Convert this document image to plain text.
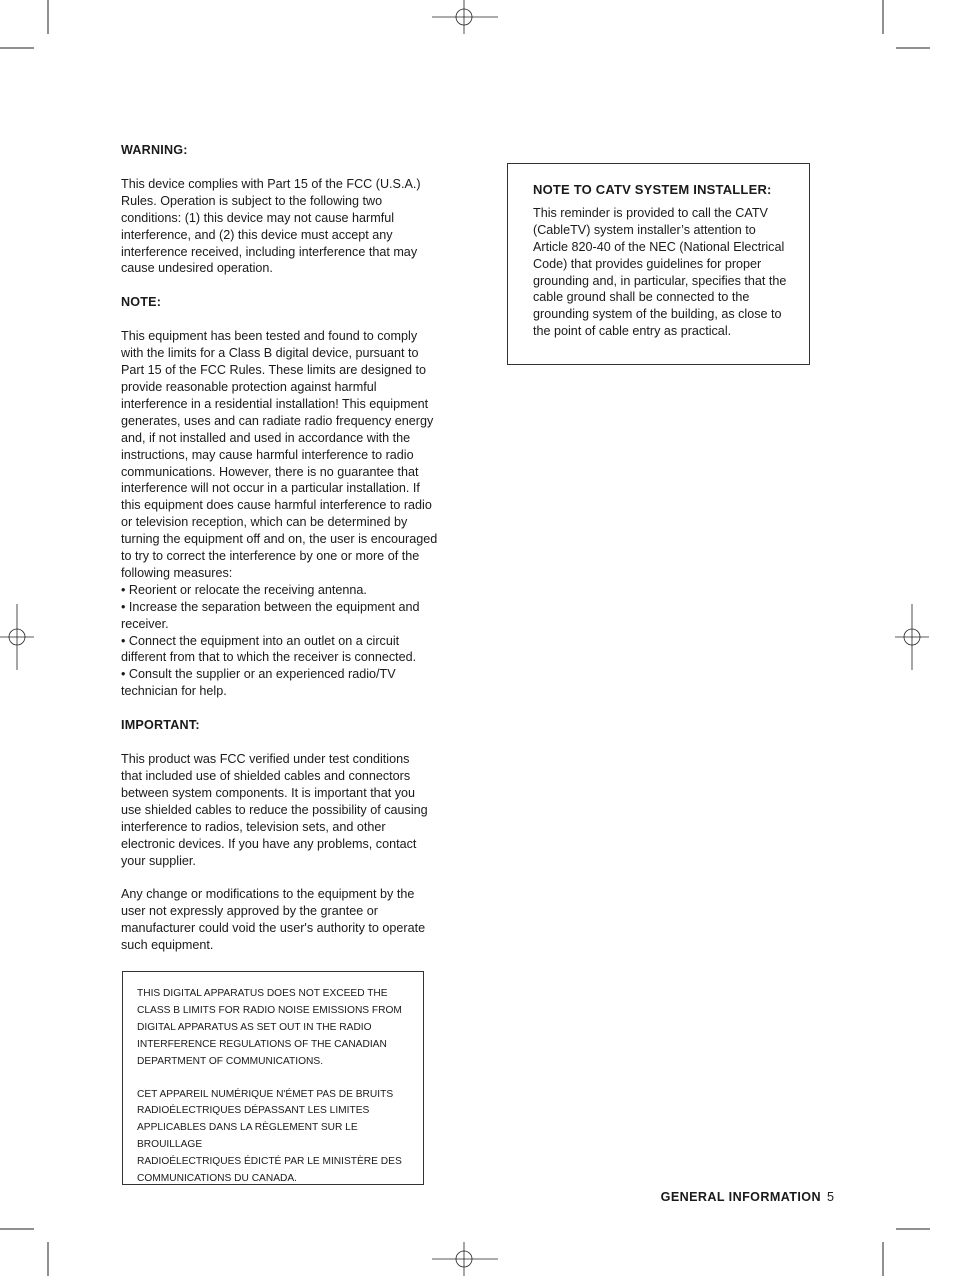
WARNING:
This device complies with Part 15 of the FCC (U.S.A.)
Rules. Operation is subject to the following two
conditions: (1) this device may not cause harmful
interference, and (2) this device must accept any
interference received, including interference that may
cause undesired operation.
NOTE:

This equipment has been tested and found to comply
with the limits for a Class B digital device, pursuant to
Part 15 of the FCC Rules. These limits are designed to
provide reasonable protection against harmful
interference in a residential installation! This equipment
generates, uses and can radiate radio frequency energy
and, if not installed and used in accordance with the
instructions, may cause harmful interference to radio
communications. However, there is no guarantee that
interference will not occur in a particular installation. If
this equipment does cause harmful interference to radio
or television reception, which can be determined by
turning the equipment off and on, the user is encouraged
to try to correct the interference by one or more of the
following measures:

• Reorient or relocate the receiving antenna.

• Increase the separation between the equipment and
receiver.

• Connect the equipment into an outlet on a circuit
different from that to which the receiver is connected.

• Consult the supplier or an experienced radio/TV
technician for help.

IMPORTANT:
This product was FCC verified under test conditions
that included use of shielded cables and connectors
between system components. It is important that you
use shielded cables to reduce the possibility of causing
interference to radios, television sets, and other
electronic devices. If you have any problems, contact
your supplier.
Any change or modifications to the equipment by the
user not expressly approved by the grantee or
manufacturer could void the user's authority to operate
such equipment.
THIS DIGITAL APPARATUS DOES NOT EXCEED THE
CLASS B LIMITS FOR RADIO NOISE EMISSIONS FROM
DIGITAL APPARATUS AS SET OUT IN THE RADIO
INTERFERENCE REGULATIONS OF THE CANADIAN
DEPARTMENT OF COMMUNICATIONS.
CET APPAREIL NUMÉRIQUE N'ÉMET PAS DE BRUITS
RADIOÉLECTRIQUES DÉPASSANT LES LIMITES
APPLICABLES DANS LA RÈGLEMENT SUR LE BROUILLAGE
RADIOÉLECTRIQUES ÉDICTÉ PAR LE MINISTÈRE DES
COMMUNICATIONS DU CANADA.
NOTE TO CATV SYSTEM INSTALLER:
This reminder is provided to call the CATV
(CableTV) system installer’s attention to
Article 820-40 of the NEC (National Electrical
Code) that provides guidelines for proper
grounding and, in particular, specifies that the
cable ground shall be connected to the
grounding system of the building, as close to
the point of cable entry as practical.
GENERAL INFORMATION 5
